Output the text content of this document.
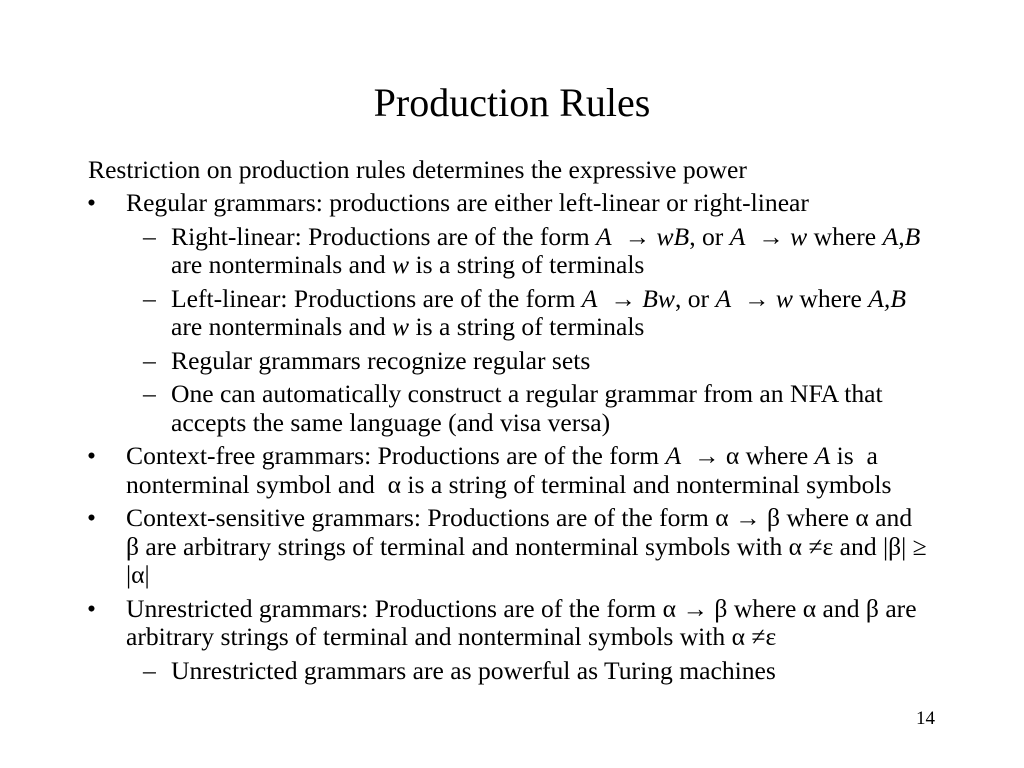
Production Rules
Restriction on production rules determines the expressive power
• Regular grammars: productions are either left-linear or right-linear
– Right-linear: Productions are of the form A  → wB, or A  → w where A,B
are nonterminals and w is a string of terminals
– Left-linear: Productions are of the form A  → Bw, or A  → w where A,B
are nonterminals and w is a string of terminals
– Regular grammars recognize regular sets
– One can automatically construct a regular grammar from an NFA that
accepts the same language (and visa versa)
• Context-free grammars: Productions are of the form A  → α where A is  a
nonterminal symbol and  α is a string of terminal and nonterminal symbols
• Context-sensitive grammars: Productions are of the form α → β where α and
β are arbitrary strings of terminal and nonterminal symbols with α ≠ε and |β| ≥
|α|
• Unrestricted grammars: Productions are of the form α → β where α and β are
arbitrary strings of terminal and nonterminal symbols with α ≠ε
– Unrestricted grammars are as powerful as Turing machines
14
